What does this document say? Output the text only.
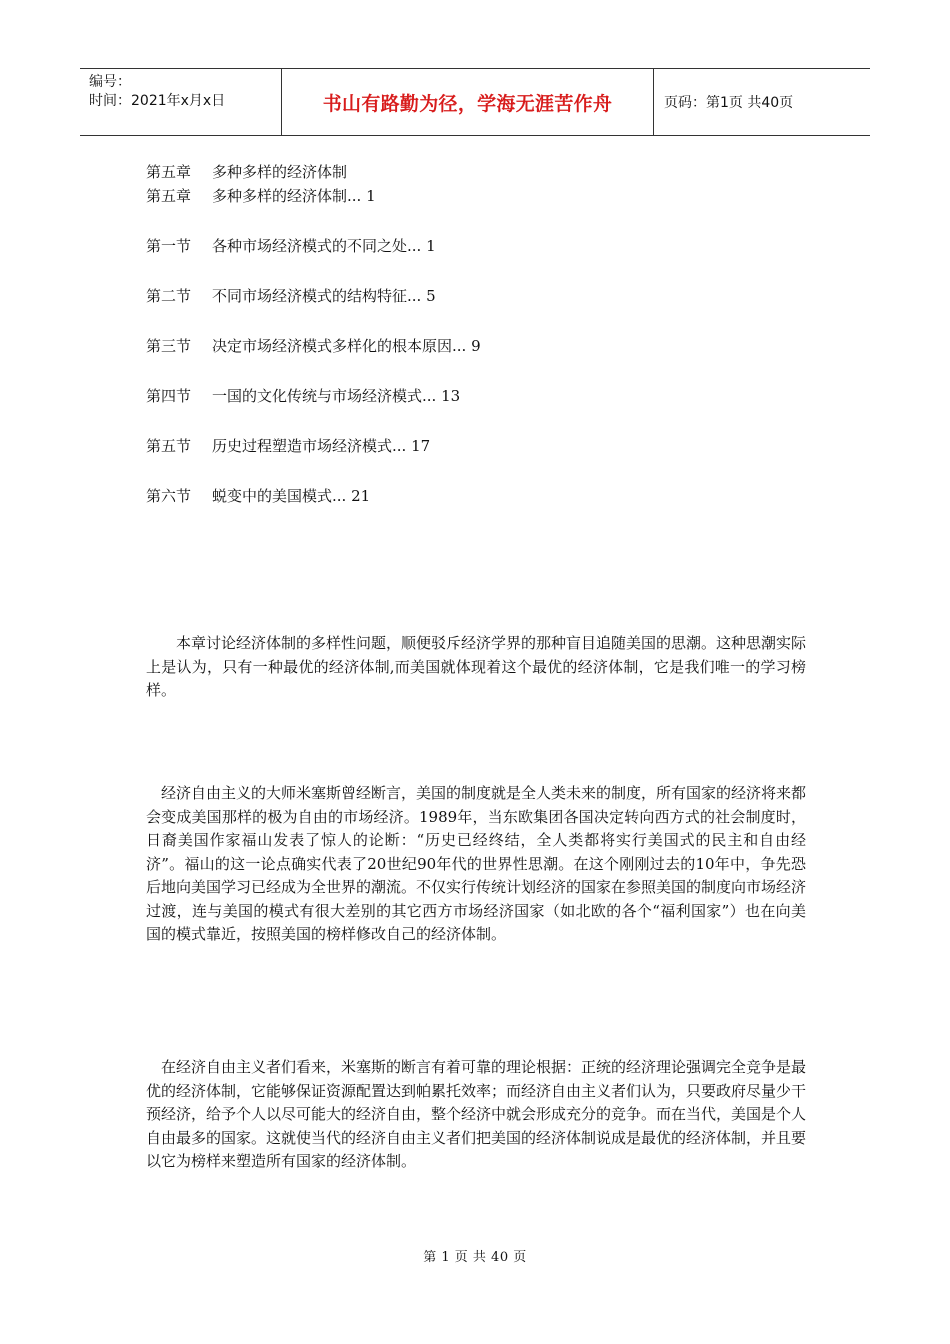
编号：
时间：2021年x月x日	书山有路勤为径，学海无涯苦作舟	页码：第1页 共40页
第五章 多种多样的经济体制
第五章 多种多样的经济体制... 1
第一节 各种市场经济模式的不同之处... 1
第二节 不同市场经济模式的结构特征... 5
第三节 决定市场经济模式多样化的根本原因... 9
第四节 一国的文化传统与市场经济模式... 13
第五节 历史过程塑造市场经济模式... 17
第六节 蜕变中的美国模式... 21

本章讨论经济体制的多样性问题，顺便驳斥经济学界的那种盲目追随美国的思潮。这种思潮实际上是认为，只有一种最优的经济体制,而美国就体现着这个最优的经济体制，它是我们唯一的学习榜样。

经济自由主义的大师米塞斯曾经断言，美国的制度就是全人类未来的制度，所有国家的经济将来都会变成美国那样的极为自由的市场经济。1989年，当东欧集团各国决定转向西方式的社会制度时，日裔美国作家福山发表了惊人的论断：“历史已经终结，全人类都将实行美国式的民主和自由经济”。福山的这一论点确实代表了20世纪90年代的世界性思潮。在这个刚刚过去的10年中，争先恐后地向美国学习已经成为全世界的潮流。不仅实行传统计划经济的国家在参照美国的制度向市场经济过渡，连与美国的模式有很大差别的其它西方市场经济国家（如北欧的各个“福利国家”）也在向美国的模式靠近，按照美国的榜样修改自己的经济体制。

在经济自由主义者们看来，米塞斯的断言有着可靠的理论根据：正统的经济理论强调完全竞争是最优的经济体制，它能够保证资源配置达到帕累托效率；而经济自由主义者们认为，只要政府尽量少干预经济，给予个人以尽可能大的经济自由，整个经济中就会形成充分的竞争。而在当代，美国是个人自由最多的国家。这就使当代的经济自由主义者们把美国的经济体制说成是最优的经济体制，并且要以它为榜样来塑造所有国家的经济体制。

第 1 页 共 40 页
